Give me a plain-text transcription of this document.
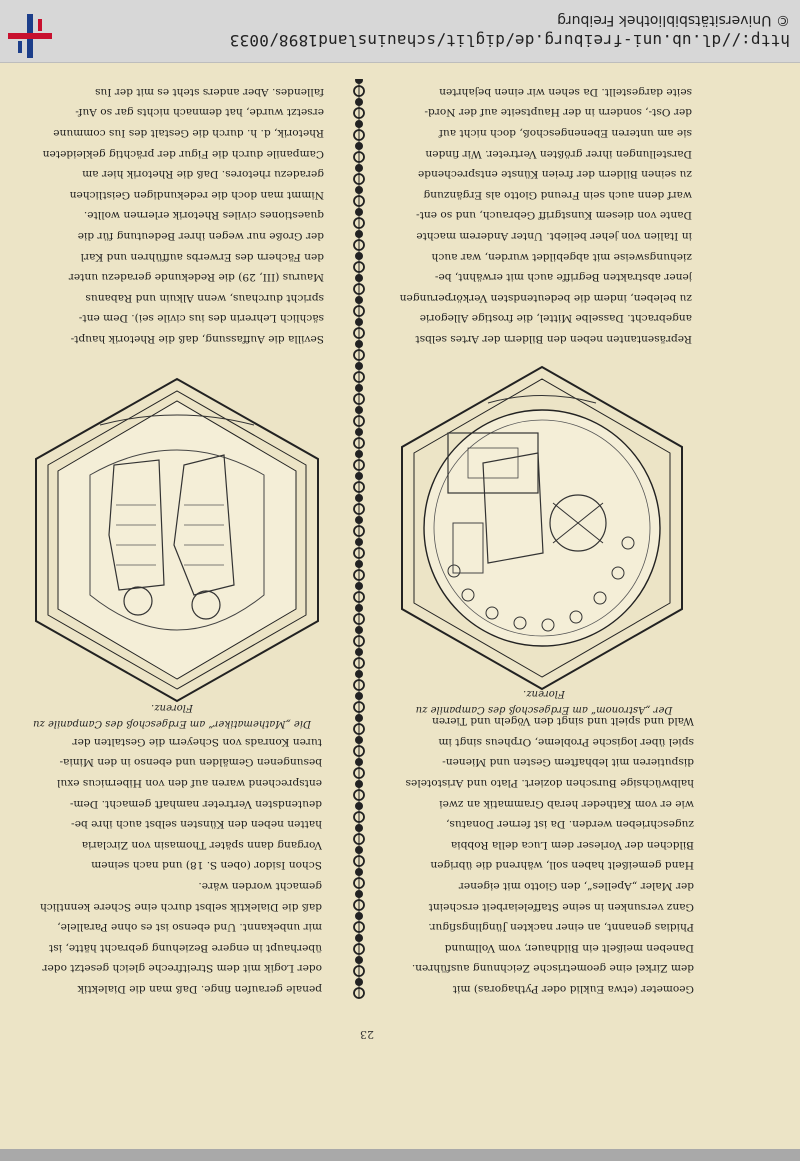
23
Geometer (etwa Euklid oder Pythagoras) mit
dem Zirkel eine geometrische Zeichnung ausführen.
Daneben meißelt ein Bildhauer, vom Vollmund
Phidias genannt, an einer nackten Jünglingsfigur.
Ganz versunken in seine Staffeleiarbeit erscheint
der Maler „Apelles“, den Giotto mit eigener
Hand gemeißelt haben soll, während die übrigen
Bildchen der Vorleser dem Luca della Robbia
zugeschrieben werden. Da ist ferner Donatus,
wie er vom Katheder herab Grammatik an zwei
halbwüchsige Burschen doziert. Plato und Aristoteles
disputieren mit lebhaftem Gesten und Mienen-
spiel über logische Probleme, Orpheus singt im
Wald und spielt und singt den Vögeln und Tieren
penale geraufen finge. Daß man die Dialektik
oder Logik mit dem Streitfreche gleich gesetzt oder
überhaupt in engere Beziehung gebracht hätte, ist
mir unbekannt. Und ebenso ist es ohne Parallele,
daß die Dialektik selbst durch eine Schere kenntlich
gemacht worden wäre.
Schon Isidor (oben S. 18) und nach seinem
Vorgang dann später Thomasin von Zirclaria
hatten neben den Künsten selbst auch ihre be-
deutendsten Vertreter namhaft gemacht. Dem-
entsprechend waren auf den von Hibernicus exul
besungenen Gemälden und ebenso in den Minia-
turen Konrads von Scheyern die Gestalten der
Die „Mathematiker“ am Erdgeschoß des Campanile zu Florenz.	Der „Astronom“ am Erdgeschoß des Campanile zu Florenz.
Sevilla die Auffassung, daß die Rhetorik haupt-
sächlich Lehrerin des ius civile sei). Dem ent-
spricht durchaus, wenn Alkuin und Rabanus
Maurus (III, 29) die Redekunde geradezu unter
den Fächern des Erwerbs aufführen und Karl
der Große nur wegen ihrer Bedeutung für die
quaestiones civiles Rhetorik erlernen wollte.
Nimmt man doch die redekundigen Geistlichen
geradezu rhetores. Daß die Rhetorik hier am
Campanile durch die Figur der prächtig gekleideten
Rhetorik, d. h. durch die Gestalt des Ius commune
ersetzt wurde, hat demnach nichts gar so Auf-
fallendes. Aber anders steht es mit der Ius
Repräsentanten neben den Bildern der Artes selbst
angebracht. Dasselbe Mittel, die frostige Allegorie
zu beleben, indem die bedeutendsten Verkörperungen
jener abstrakten Begriffe auch mit erwähnt, be-
ziehungsweise mit abgebildet wurden, war auch
in Italien von jeher beliebt. Unter Anderem machte
Dante von diesem Kunstgriff Gebrauch, und so ent-
warf denn auch sein Freund Giotto als Ergänzung
zu seinen Bildern der freien Künste entsprechende
Darstellungen ihrer größten Vertreter. Wir finden
sie am unteren Ebenengeschoß, doch nicht auf
der Ost-, sondern in der Hauptseite auf der Nord-
seite dargestellt. Da sehen wir einen bejahrten
http://dl.ub.uni-freiburg.de/diglit/schauinsland1898/0033
© Universitätsbibliothek Freiburg
